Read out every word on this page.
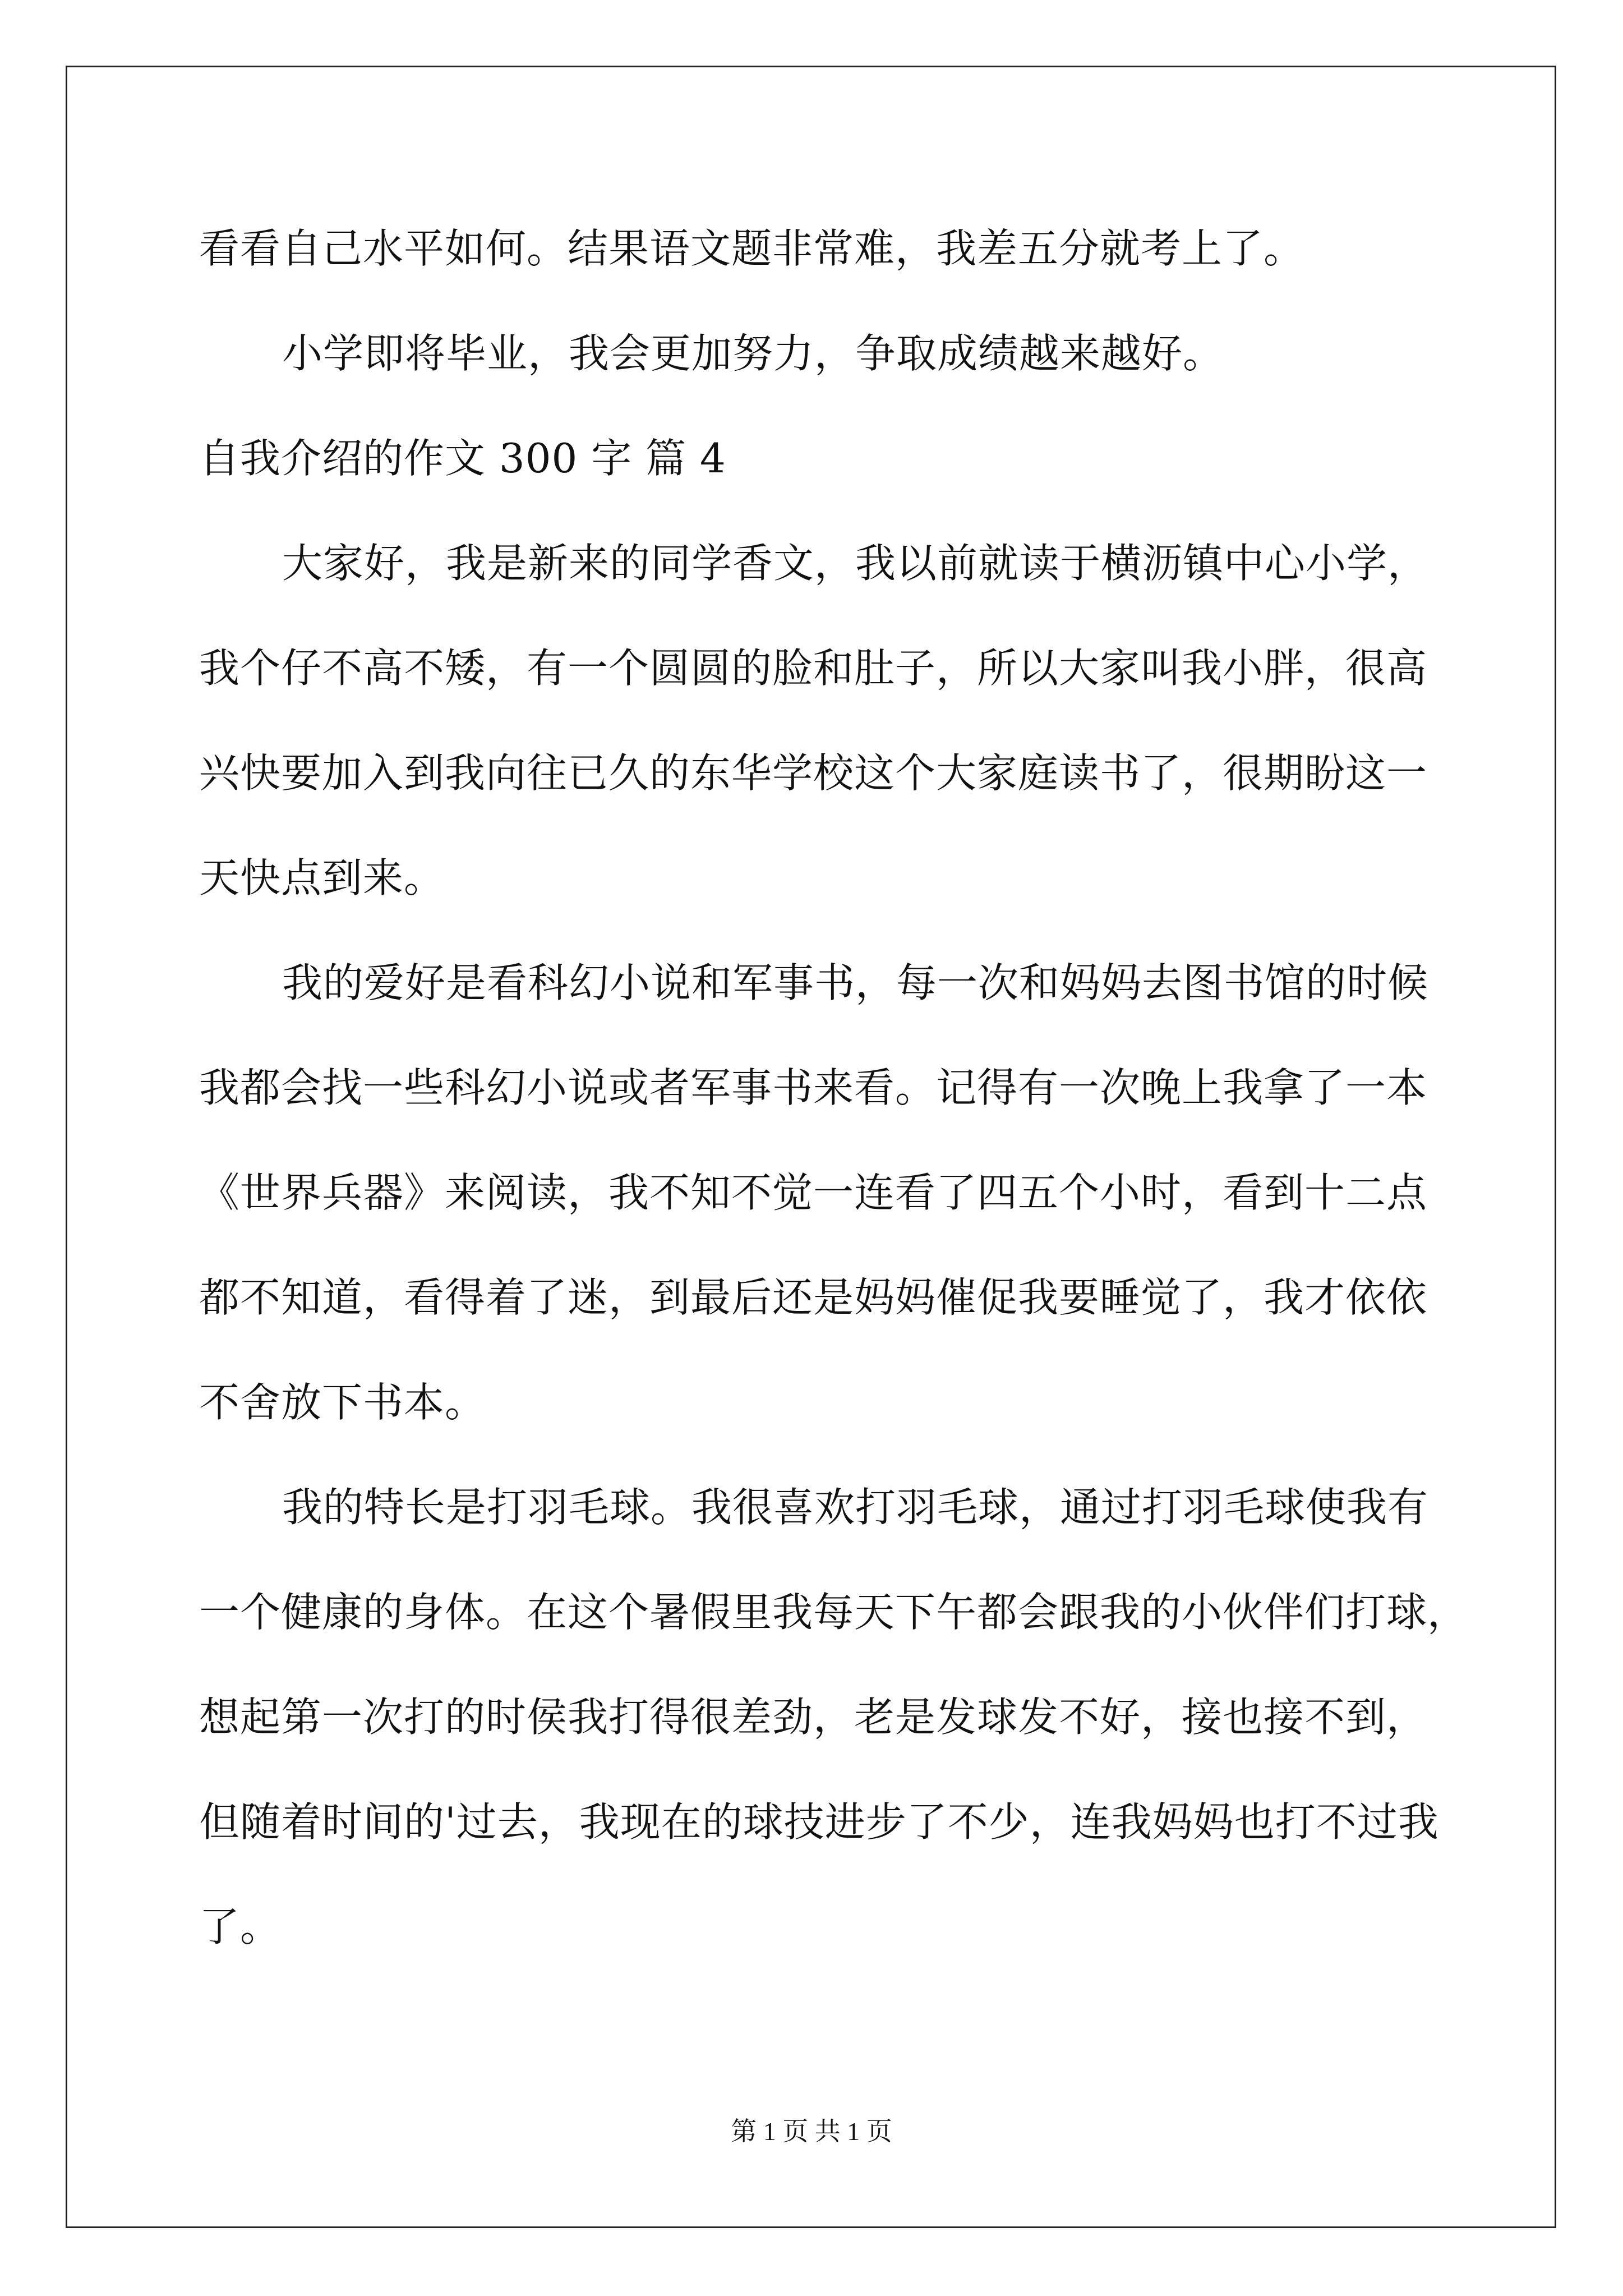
看看自己水平如何。结果语文题非常难，我差五分就考上了。

小学即将毕业，我会更加努力，争取成绩越来越好。

自我介绍的作文 300 字 篇 4

大家好，我是新来的同学香文，我以前就读于横沥镇中心小学，

我个仔不高不矮，有一个圆圆的脸和肚子，所以大家叫我小胖，很高

兴快要加入到我向往已久的东华学校这个大家庭读书了，很期盼这一

天快点到来。

我的爱好是看科幻小说和军事书，每一次和妈妈去图书馆的时候

我都会找一些科幻小说或者军事书来看。记得有一次晚上我拿了一本

《世界兵器》来阅读，我不知不觉一连看了四五个小时，看到十二点

都不知道，看得着了迷，到最后还是妈妈催促我要睡觉了，我才依依

不舍放下书本。

我的特长是打羽毛球。我很喜欢打羽毛球，通过打羽毛球使我有

一个健康的身体。在这个暑假里我每天下午都会跟我的小伙伴们打球，

想起第一次打的时侯我打得很差劲，老是发球发不好，接也接不到，

但随着时间的'过去，我现在的球技进步了不少，连我妈妈也打不过我

了。

第 1 页 共 1 页
